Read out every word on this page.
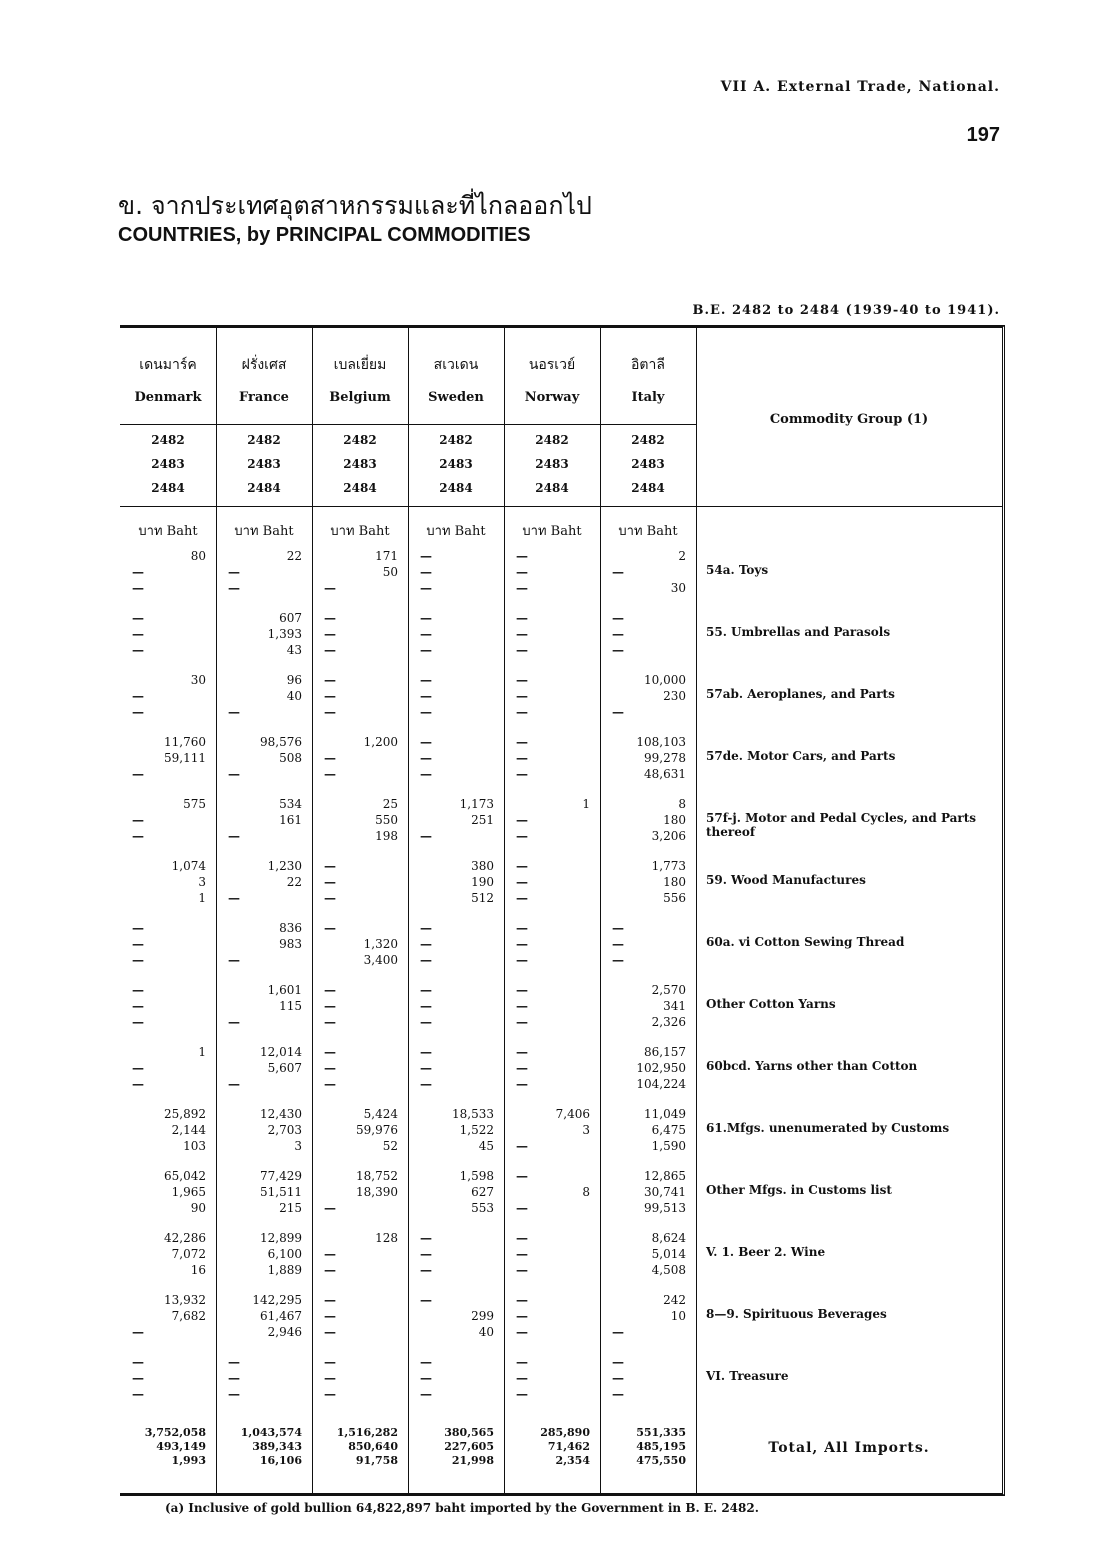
VII A. External Trade, National.
197
ข. จากประเทศอุตสาหกรรมและที่ไกลออกไป
COUNTRIES, by PRINCIPAL COMMODITIES
B.E. 2482 to 2484 (1939-40 to 1941).
เดนมาร์ค
Denmark
2482
2483
2484
บาท Baht
ฝรั่งเศส
France
2482
2483
2484
บาท Baht
เบลเยี่ยม
Belgium
2482
2483
2484
บาท Baht
สเวเดน
Sweden
2482
2483
2484
บาท Baht
นอรเวย์
Norway
2482
2483
2484
บาท Baht
อิตาลี
Italy
2482
2483
2484
บาท Baht
Commodity Group (1)
80
—
—
22
—
—
171
50
—
—
—
—
—
—
—
2
—
30
54a. Toys
—
—
—
607
1,393
43
—
—
—
—
—
—
—
—
—
—
—
—
55. Umbrellas and Parasols
30
—
—
96
40
—
—
—
—
—
—
—
—
—
—
10,000
230
—
57ab. Aeroplanes, and Parts
11,760
59,111
—
98,576
508
—
1,200
—
—
—
—
—
—
—
—
108,103
99,278
48,631
57de. Motor Cars, and Parts
575
—
—
534
161
—
25
550
198
1,173
251
—
1
—
—
8
180
3,206
57f-j. Motor and Pedal Cycles, and Parts thereof
1,074
3
1
1,230
22
—
—
—
—
380
190
512
—
—
—
1,773
180
556
59. Wood Manufactures
—
—
—
836
983
—
—
1,320
3,400
—
—
—
—
—
—
—
—
—
60a. vi Cotton Sewing Thread
—
—
—
1,601
115
—
—
—
—
—
—
—
—
—
—
2,570
341
2,326
Other Cotton Yarns
1
—
—
12,014
5,607
—
—
—
—
—
—
—
—
—
—
86,157
102,950
104,224
60bcd. Yarns other than Cotton
25,892
2,144
103
12,430
2,703
3
5,424
59,976
52
18,533
1,522
45
7,406
3
—
11,049
6,475
1,590
61.Mfgs. unenumerated by Customs
65,042
1,965
90
77,429
51,511
215
18,752
18,390
—
1,598
627
553
—
8
—
12,865
30,741
99,513
Other Mfgs. in Customs list
42,286
7,072
16
12,899
6,100
1,889
128
—
—
—
—
—
—
—
—
8,624
5,014
4,508
V. 1. Beer 2. Wine
13,932
7,682
—
142,295
61,467
2,946
—
—
—
—
299
40
—
—
—
242
10
—
8—9. Spirituous Beverages
—
—
—
—
—
—
—
—
—
—
—
—
—
—
—
—
—
—
VI. Treasure
3,752,058
493,149
1,993
1,043,574
389,343
16,106
1,516,282
850,640
91,758
380,565
227,605
21,998
285,890
71,462
2,354
551,335
485,195
475,550
Total, All Imports.
(a) Inclusive of gold bullion 64,822,897 baht imported by the Government in B. E. 2482.
